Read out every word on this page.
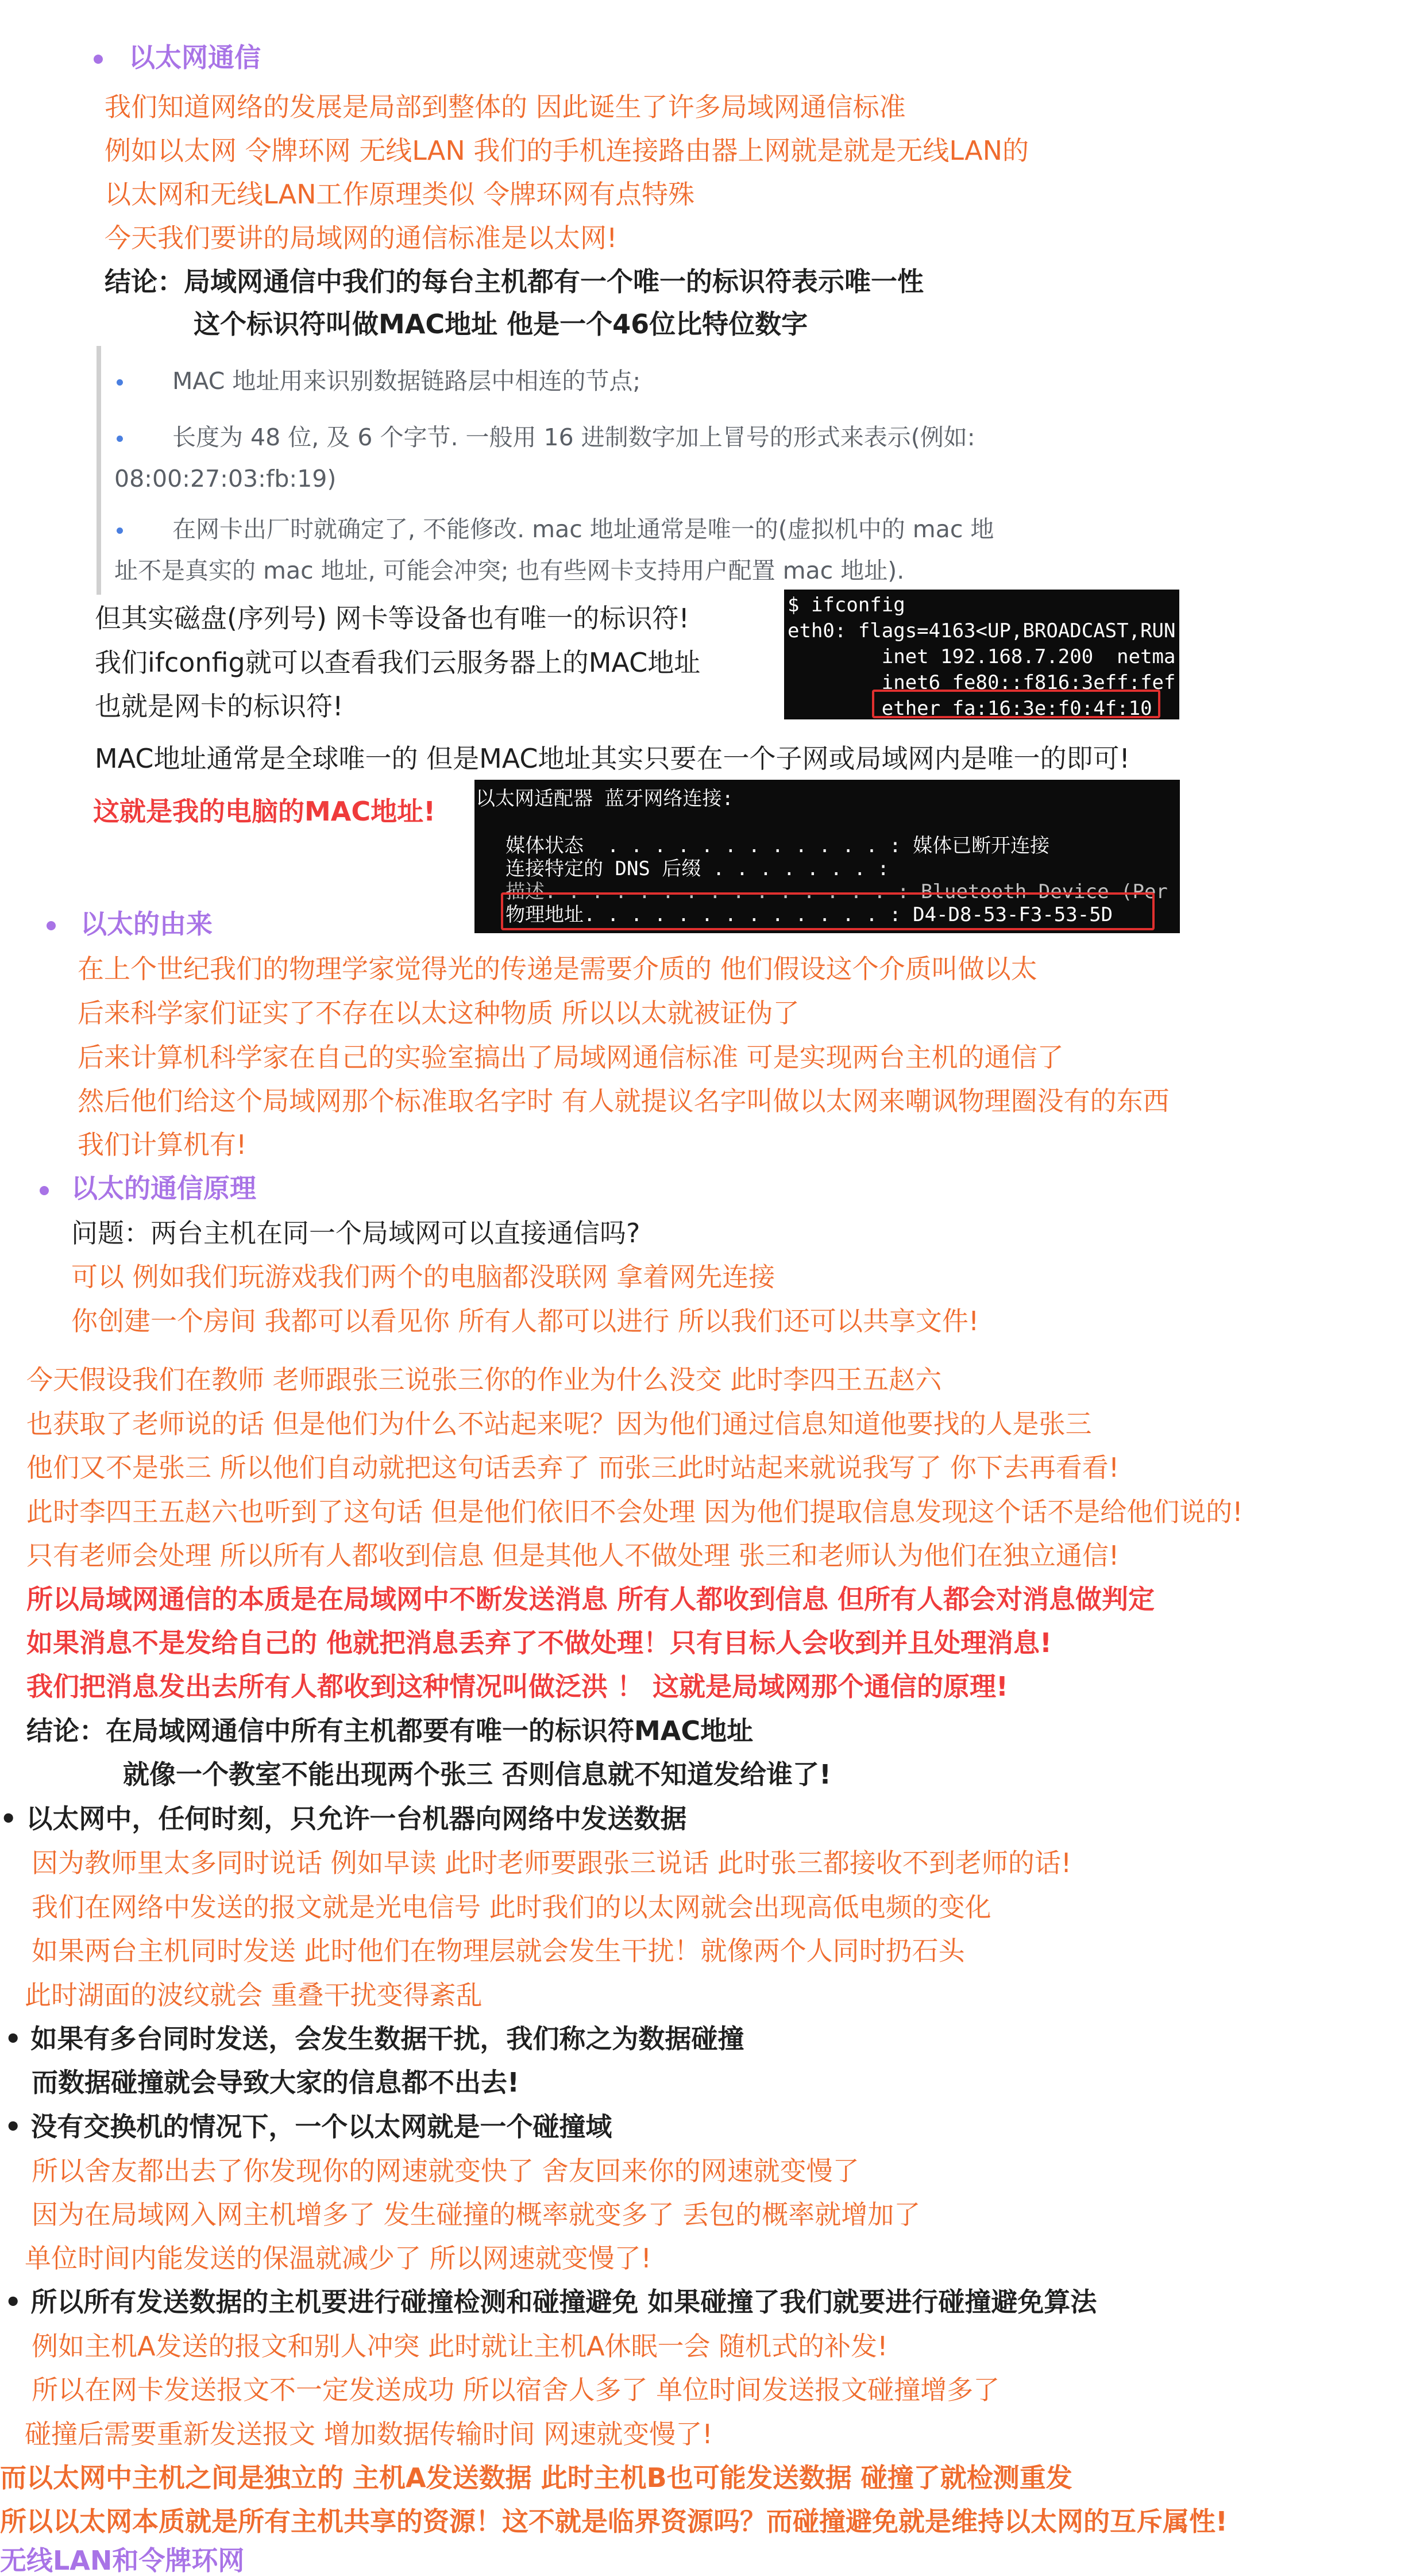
以太网通信
我们知道网络的发展是局部到整体的 因此诞生了许多局域网通信标准
例如以太网 令牌环网 无线LAN 我们的手机连接路由器上网就是就是无线LAN的
以太网和无线LAN工作原理类似 令牌环网有点特殊
今天我们要讲的局域网的通信标准是以太网!
结论：局域网通信中我们的每台主机都有一个唯一的标识符表示唯一性
这个标识符叫做MAC地址 他是一个46位比特位数字
MAC 地址用来识别数据链路层中相连的节点;
长度为 48 位, 及 6 个字节. 一般用 16 进制数字加上冒号的形式来表示(例如:
08:00:27:03:fb:19)
在网卡出厂时就确定了, 不能修改. mac 地址通常是唯一的(虚拟机中的 mac 地
址不是真实的 mac 地址, 可能会冲突; 也有些网卡支持用户配置 mac 地址).
但其实磁盘(序列号) 网卡等设备也有唯一的标识符!
我们ifconfig就可以查看我们云服务器上的MAC地址
也就是网卡的标识符!
$ ifconfig
eth0: flags=4163<UP,BROADCAST,RUN
inet 192.168.7.200  netma
inet6 fe80::f816:3eff:fef
ether fa:16:3e:f0:4f:10
MAC地址通常是全球唯一的 但是MAC地址其实只要在一个子网或局域网内是唯一的即可!
这就是我的电脑的MAC地址! 以太网适配器 蓝牙网络连接:
媒体状态  . . . . . . . . . . . . : 媒体已断开连接
连接特定的 DNS 后缀 . . . . . . . :
描述. . . . . . . . . . . . . . . : Bluetooth Device (Per
物理地址. . . . . . . . . . . . . : D4-D8-53-F3-53-5D
以太的由来
在上个世纪我们的物理学家觉得光的传递是需要介质的 他们假设这个介质叫做以太
后来科学家们证实了不存在以太这种物质 所以以太就被证伪了
后来计算机科学家在自己的实验室搞出了局域网通信标准 可是实现两台主机的通信了
然后他们给这个局域网那个标准取名字时 有人就提议名字叫做以太网来嘲讽物理圈没有的东西
我们计算机有!
以太的通信原理
问题：两台主机在同一个局域网可以直接通信吗?
可以 例如我们玩游戏我们两个的电脑都没联网 拿着网先连接
你创建一个房间 我都可以看见你 所有人都可以进行 所以我们还可以共享文件!
今天假设我们在教师 老师跟张三说张三你的作业为什么没交 此时李四王五赵六
也获取了老师说的话 但是他们为什么不站起来呢？因为他们通过信息知道他要找的人是张三
他们又不是张三 所以他们自动就把这句话丢弃了 而张三此时站起来就说我写了 你下去再看看!
此时李四王五赵六也听到了这句话 但是他们依旧不会处理 因为他们提取信息发现这个话不是给他们说的!
只有老师会处理 所以所有人都收到信息 但是其他人不做处理 张三和老师认为他们在独立通信!
所以局域网通信的本质是在局域网中不断发送消息 所有人都收到信息 但所有人都会对消息做判定
如果消息不是发给自己的 他就把消息丢弃了不做处理！只有目标人会收到并且处理消息!
我们把消息发出去所有人都收到这种情况叫做泛洪 ！ 这就是局域网那个通信的原理!
结论：在局域网通信中所有主机都要有唯一的标识符MAC地址
就像一个教室不能出现两个张三 否则信息就不知道发给谁了!
• 以太网中，任何时刻，只允许一台机器向网络中发送数据
因为教师里太多同时说话 例如早读 此时老师要跟张三说话 此时张三都接收不到老师的话!
我们在网络中发送的报文就是光电信号 此时我们的以太网就会出现高低电频的变化
如果两台主机同时发送 此时他们在物理层就会发生干扰！就像两个人同时扔石头
此时湖面的波纹就会 重叠干扰变得紊乱
• 如果有多台同时发送，会发生数据干扰，我们称之为数据碰撞
而数据碰撞就会导致大家的信息都不出去!
• 没有交换机的情况下，一个以太网就是一个碰撞域
所以舍友都出去了你发现你的网速就变快了 舍友回来你的网速就变慢了
因为在局域网入网主机增多了 发生碰撞的概率就变多了 丢包的概率就增加了
单位时间内能发送的保温就减少了 所以网速就变慢了!
• 所以所有发送数据的主机要进行碰撞检测和碰撞避免 如果碰撞了我们就要进行碰撞避免算法
例如主机A发送的报文和别人冲突 此时就让主机A休眠一会 随机式的补发!
所以在网卡发送报文不一定发送成功 所以宿舍人多了 单位时间发送报文碰撞增多了
碰撞后需要重新发送报文 增加数据传输时间 网速就变慢了!
而以太网中主机之间是独立的 主机A发送数据 此时主机B也可能发送数据 碰撞了就检测重发
所以以太网本质就是所有主机共享的资源！这不就是临界资源吗？而碰撞避免就是维持以太网的互斥属性!
无线LAN和令牌环网
